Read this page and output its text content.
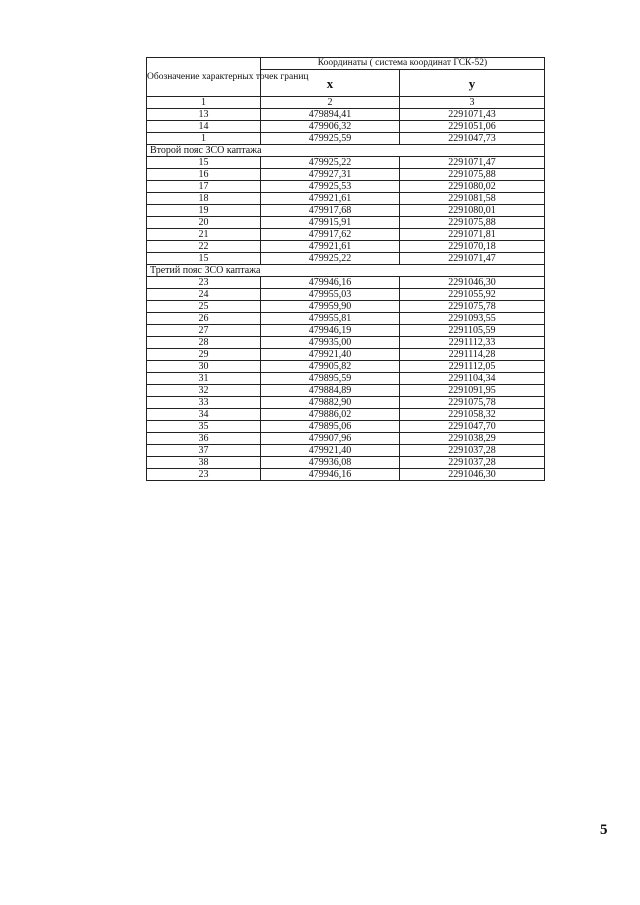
Обозначение характерных точек границ	Координаты ( система координат ГСК-52)	
	x	у
1	2	3
13	479894,41	2291071,43
14	479906,32	2291051,06
1	479925,59	2291047,73
Второй пояс ЗСО каптажа		
15	479925,22	2291071,47
16	479927,31	2291075,88
17	479925,53	2291080,02
18	479921,61	2291081,58
19	479917,68	2291080,01
20	479915,91	2291075,88
21	479917,62	2291071,81
22	479921,61	2291070,18
15	479925,22	2291071,47
Третий пояс ЗСО каптажа		
23	479946,16	2291046,30
24	479955,03	2291055,92
25	479959,90	2291075,78
26	479955,81	2291093,55
27	479946,19	2291105,59
28	479935,00	2291112,33
29	479921,40	2291114,28
30	479905,82	2291112,05
31	479895,59	2291104,34
32	479884,89	2291091,95
33	479882,90	2291075,78
34	479886,02	2291058,32
35	479895,06	2291047,70
36	479907,96	2291038,29
37	479921,40	2291037,28
38	479936,08	2291037,28
23	479946,16	2291046,30
5
